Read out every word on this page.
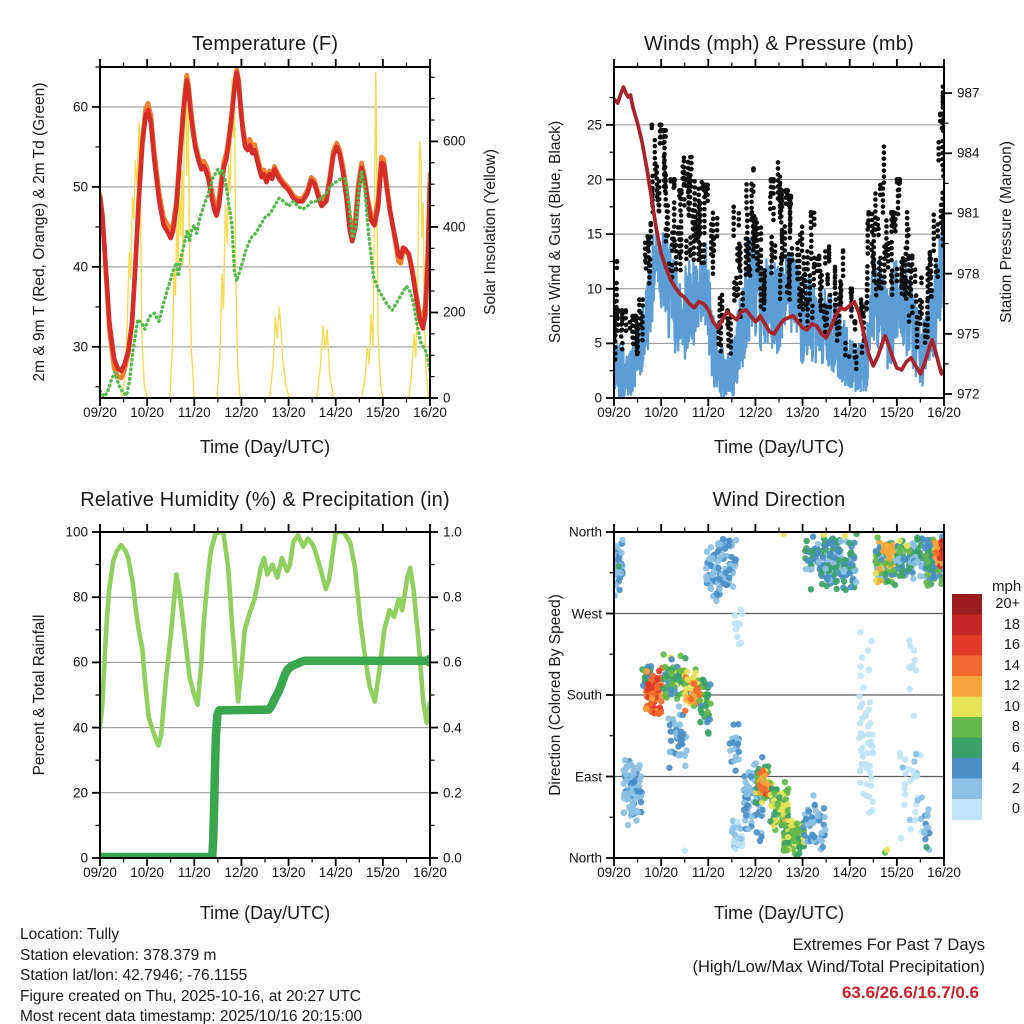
Temperature (F)	Winds (mph) & Pressure (mb)
Relative Humidity (%) & Precipitation (in)	Wind Direction
Time (Day/UTC)	Time (Day/UTC)
Time (Day/UTC)	Time (Day/UTC)
2m & 9m T (Red, Orange) & 2m Td (Green)	Solar Insolation (Yellow)	Sonic Wind & Gust (Blue, Black)	Station Pressure (Maroon)
Percent & Total Rainfall	Direction (Colored By Speed)
mph
Location: Tully
Station elevation: 378.379 m
Station lat/lon: 42.7946; -76.1155
Figure created on Thu, 2025-10-16, at 20:27 UTC
Most recent data timestamp: 2025/10/16 20:15:00
Extremes For Past 7 Days
(High/Low/Max Wind/Total Precipitation)
63.6/26.6/16.7/0.6
09/20 10/20 11/20 12/20 13/20 14/20 15/20 16/20	09/20 10/20 11/20 12/20 13/20 14/20 15/20 16/20
09/20 10/20 11/20 12/20 13/20 14/20 15/20 16/20	09/20 10/20 11/20 12/20 13/20 14/20 15/20 16/20
30
40
50
60
0
200
400
600
0
5
10
15
20
25
972
975
978
981
984
987
0
20
40
60
80
100
0.0
0.2
0.4
0.6
0.8
1.0	North
West
South
East
North
20+
18
16
14
12
10
8
6
4
2
0
